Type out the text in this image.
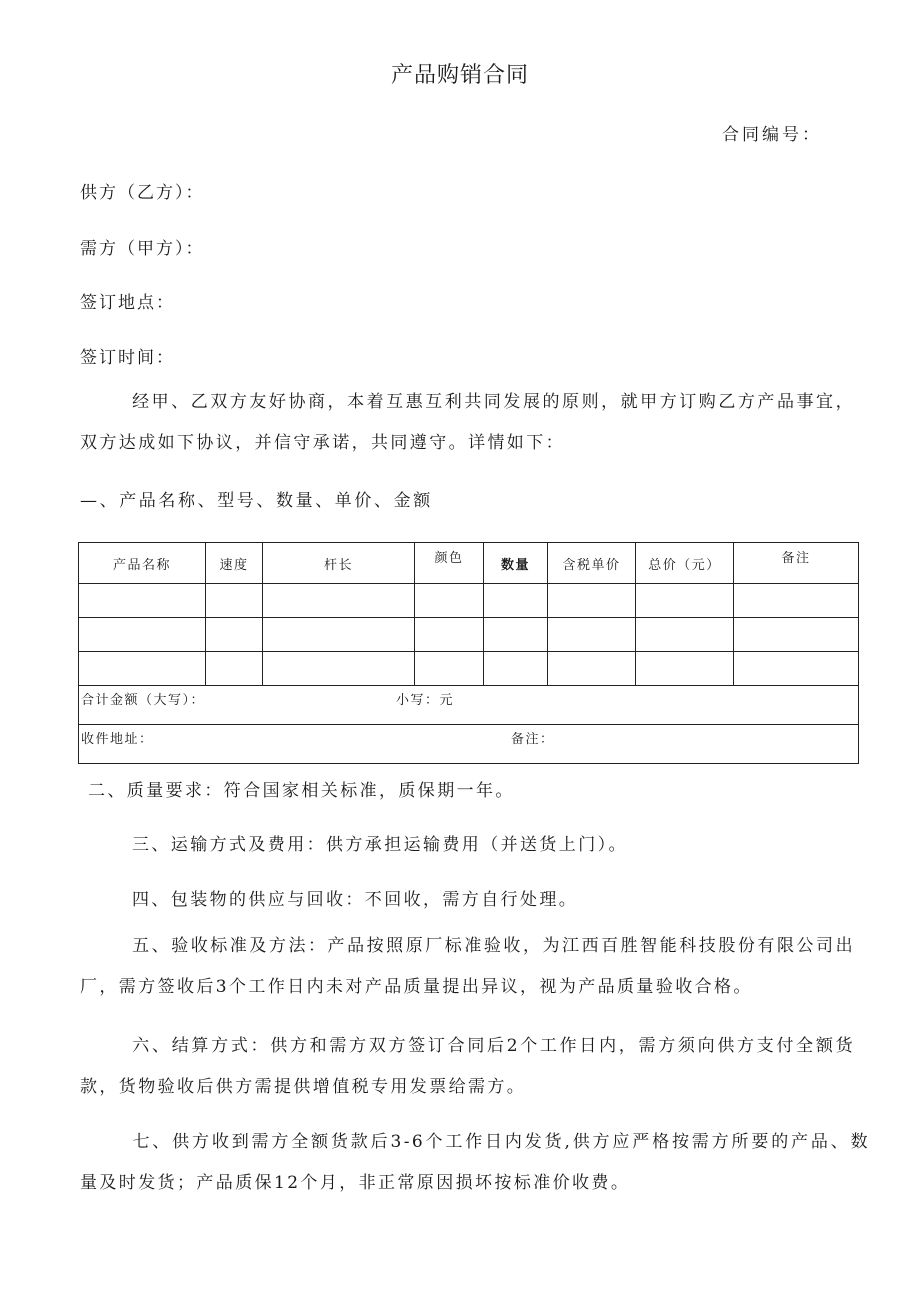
产品购销合同
合同编号：
供方（乙方）：
需方（甲方）：
签订地点：
签订时间：
经甲、乙双方友好协商，本着互惠互利共同发展的原则，就甲方订购乙方产品事宜，双方达成如下协议，并信守承诺，共同遵守。详情如下：
—、产品名称、型号、数量、单价、金额
产品名称	速度	杆长	颜色	数量	含税单价	总价（元）	备注

合计金额（大写）： 小写：元							
收件地址： 备注：							
二、质量要求：符合国家相关标准，质保期一年。
三、运输方式及费用：供方承担运输费用（并送货上门）。
四、包装物的供应与回收：不回收，需方自行处理。
五、验收标准及方法：产品按照原厂标准验收，为江西百胜智能科技股份有限公司出厂，需方签收后3个工作日内未对产品质量提出异议，视为产品质量验收合格。
六、结算方式：供方和需方双方签订合同后2个工作日内，需方须向供方支付全额货款，货物验收后供方需提供增值税专用发票给需方。
七、供方收到需方全额货款后3-6个工作日内发货,供方应严格按需方所要的产品、数量及时发货；产品质保12个月，非正常原因损坏按标准价收费。
